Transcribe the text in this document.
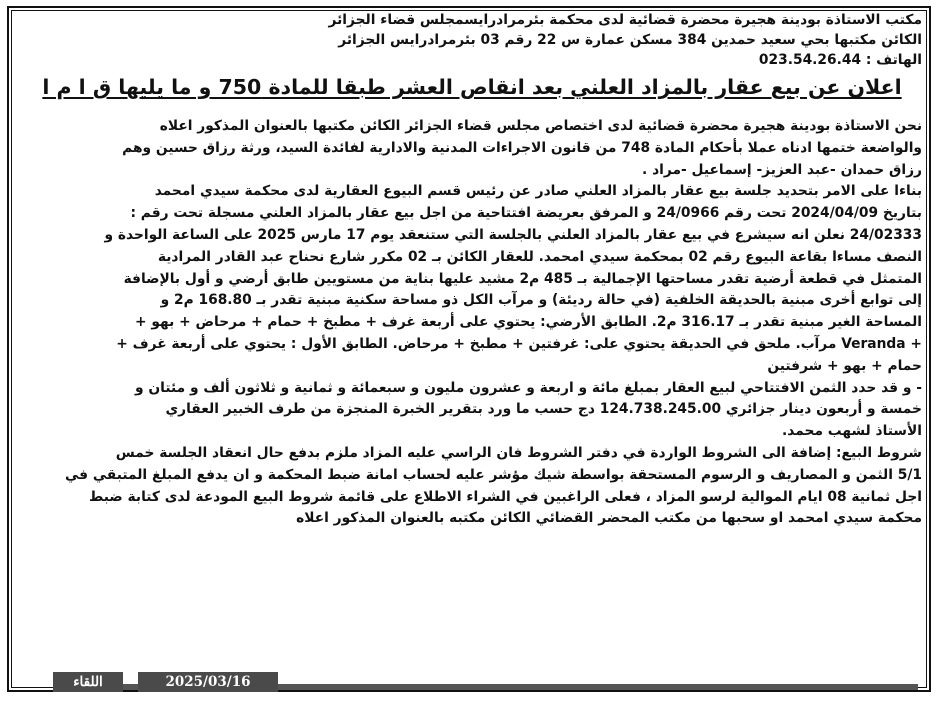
مكتب الاستاذة بودينة هجيرة محضرة قضائية لدى محكمة بئرمرادرايسمجلس قضاء الجزائر
الكائن مكتبها بحي سعيد حمدين 384 مسكن عمارة س 22 رقم 03 بئرمرادرايس الجزائر
الهاتف : 023.54.26.44
اعلان عن بيع عقار بالمزاد العلني بعد انقاص العشر طبقا للمادة 750 و ما يليها ق ا م ا

نحن الاستاذة بودينة هجيرة محضرة قضائية لدى اختصاص مجلس قضاء الجزائر الكائن مكتبها بالعنوان المذكور اعلاه

والواضعة ختمها ادناه عملا بأحكام المادة 748 من قانون الاجراءات المدنية والادارية لفائدة السيد، ورثة رزاق حسين وهم

رزاق حمدان -عبد العزيز- إسماعيل -مراد .

بناءا على الامر بتحديد جلسة بيع عقار بالمزاد العلني صادر عن رئيس قسم البيوع العقارية لدى محكمة سيدي امحمد

بتاريخ 2024/04/09 تحت رقم 24/0966 و المرفق بعريضة افتتاحية من اجل بيع عقار بالمزاد العلني مسجلة تحت رقم :

24/02333 نعلن انه سيشرع في بيع عقار بالمزاد العلني بالجلسة التي ستنعقد يوم 17 مارس 2025 على الساعة الواحدة و

النصف مساءا بقاعة البيوع رقم 02 بمحكمة سيدي امحمد. للعقار الكائن بـ 02 مكرر شارع نحناح عبد القادر المرادية

المتمثل في قطعة أرضية تقدر مساحتها الإجمالية بـ 485 م2 مشيد عليها بناية من مستويين طابق أرضي و أول بالإضافة

إلى توابع أخرى مبنية بالحديقة الخلفية (في حالة رديئة) و مرآب الكل ذو مساحة سكنية مبنية تقدر بـ 168.80 م2 و

المساحة الغير مبنية تقدر بـ 316.17 م2. الطابق الأرضي: يحتوي على أربعة غرف + مطبخ + حمام + مرحاض + بهو +

+ Veranda مرآب. ملحق في الحديقة يحتوي على: غرفتين + مطبخ + مرحاض. الطابق الأول : يحتوي على أربعة غرف +

حمام + بهو + شرفتين

- و قد حدد الثمن الافتتاحي لبيع العقار بمبلغ مائة و اربعة و عشرون مليون و سبعمائة و ثمانية و ثلاثون ألف و مئتان و

خمسة و أربعون دينار جزائري 124.738.245.00 دج حسب ما ورد بتقرير الخبرة المنجزة من طرف الخبير العقاري

الأستاذ لشهب محمد.

شروط البيع: إضافة الى الشروط الواردة في دفتر الشروط فان الراسي عليه المزاد ملزم بدفع حال انعقاد الجلسة خمس

5/1 الثمن و المصاريف و الرسوم المستحقة بواسطة شيك مؤشر عليه لحساب امانة ضبط المحكمة و ان يدفع المبلغ المتبقي في

اجل ثمانية 08 ايام الموالية لرسو المزاد ، فعلى الراغبين في الشراء الاطلاع على قائمة شروط البيع المودعة لدى كتابة ضبط

محكمة سيدي امحمد او سحبها من مكتب المحضر القضائي الكائن مكتبه بالعنوان المذكور اعلاه

اللقاء	2025/03/16
